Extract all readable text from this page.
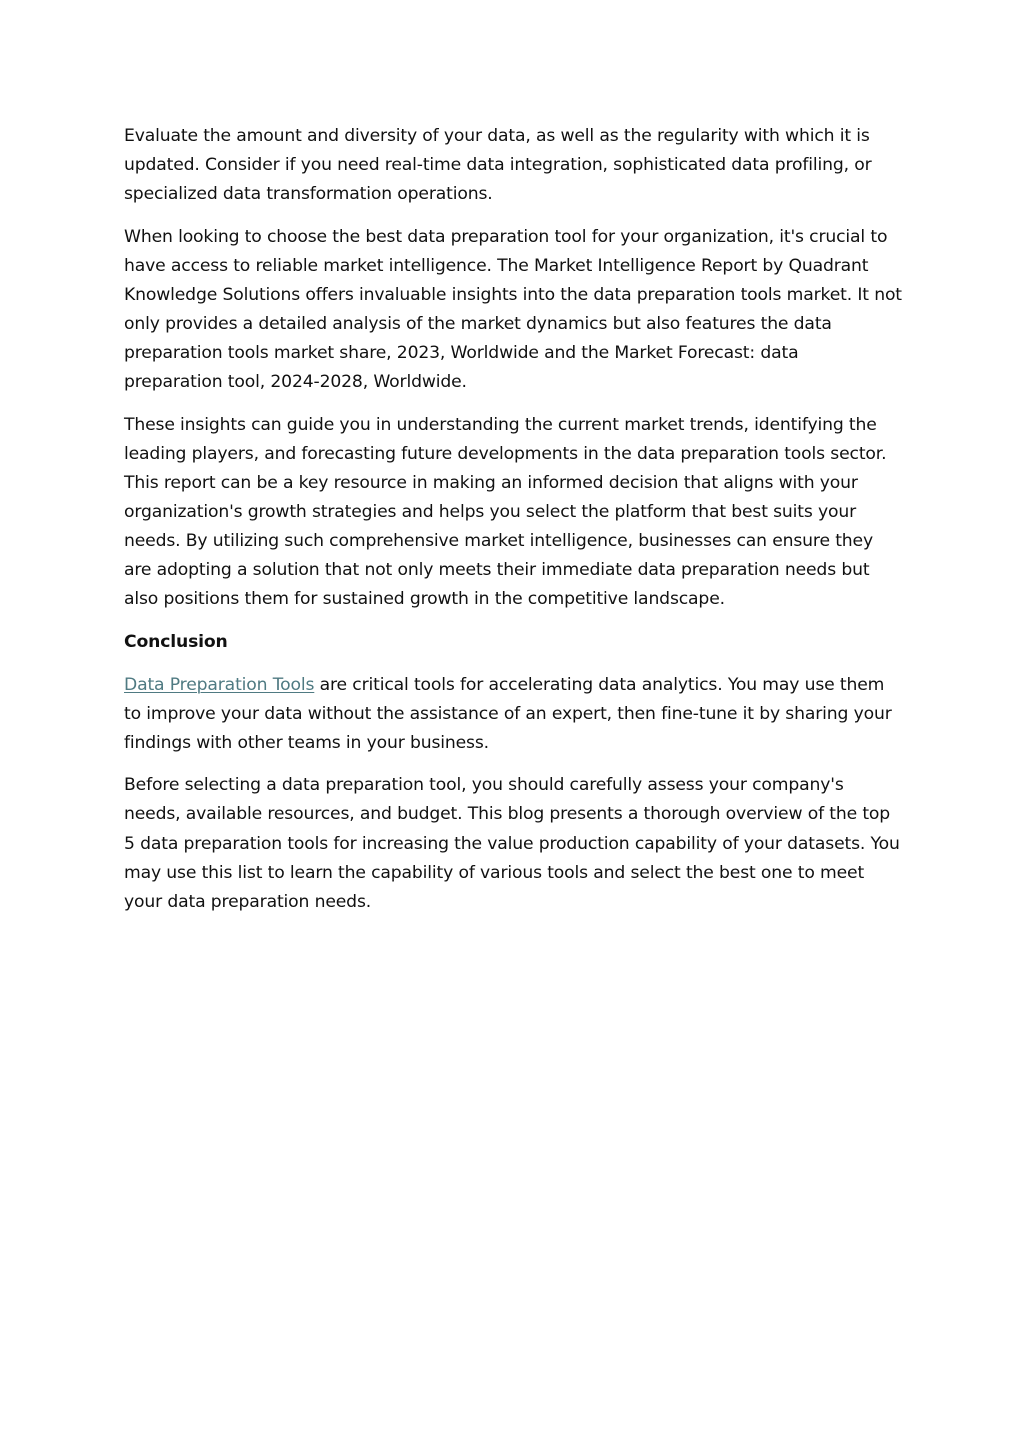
Evaluate the amount and diversity of your data, as well as the regularity with which it is updated. Consider if you need real-time data integration, sophisticated data profiling, or specialized data transformation operations.

When looking to choose the best data preparation tool for your organization, it's crucial to have access to reliable market intelligence. The Market Intelligence Report by Quadrant Knowledge Solutions offers invaluable insights into the data preparation tools market. It not only provides a detailed analysis of the market dynamics but also features the data preparation tools market share, 2023, Worldwide and the Market Forecast: data preparation tool, 2024-2028, Worldwide.

These insights can guide you in understanding the current market trends, identifying the leading players, and forecasting future developments in the data preparation tools sector. This report can be a key resource in making an informed decision that aligns with your organization's growth strategies and helps you select the platform that best suits your needs. By utilizing such comprehensive market intelligence, businesses can ensure they are adopting a solution that not only meets their immediate data preparation needs but also positions them for sustained growth in the competitive landscape.

Conclusion

Data Preparation Tools are critical tools for accelerating data analytics. You may use them to improve your data without the assistance of an expert, then fine-tune it by sharing your findings with other teams in your business.

Before selecting a data preparation tool, you should carefully assess your company's needs, available resources, and budget. This blog presents a thorough overview of the top 5 data preparation tools for increasing the value production capability of your datasets. You may use this list to learn the capability of various tools and select the best one to meet your data preparation needs.
